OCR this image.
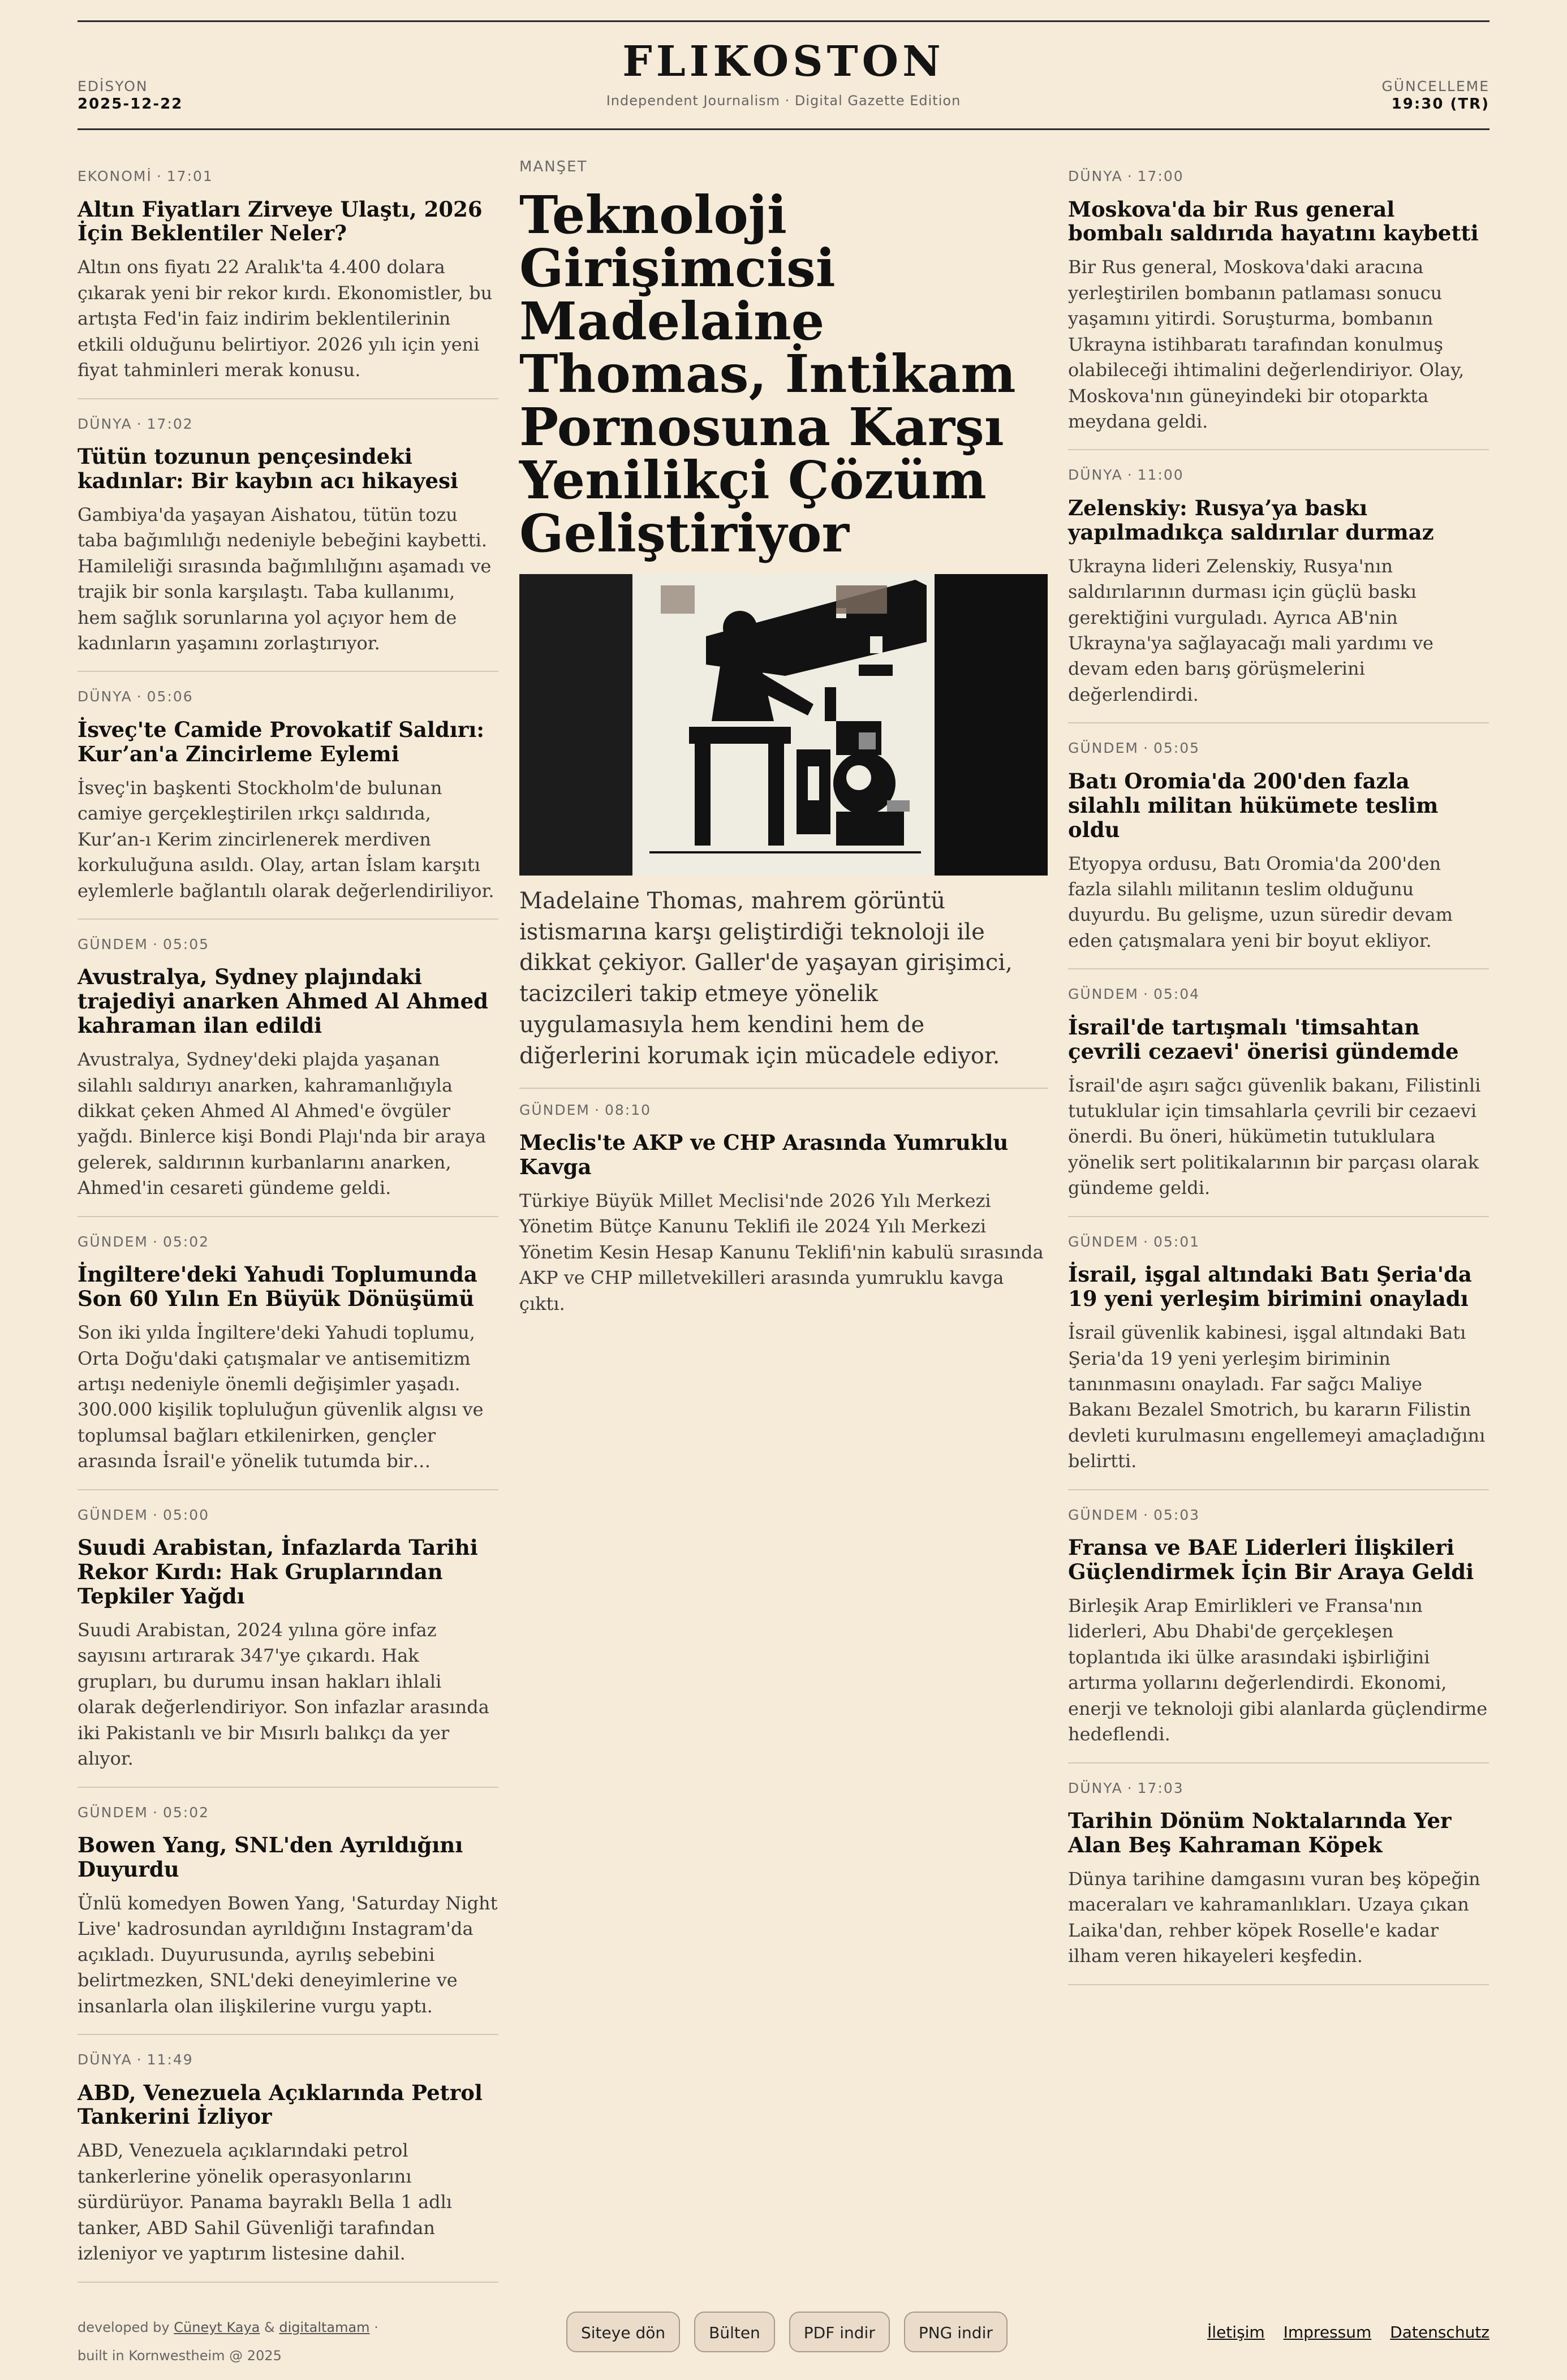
EDİSYON
2025-12-22
FLIKOSTON
Independent Journalism · Digital Gazette Edition
GÜNCELLEME
19:30 (TR)
EKONOMİ · 17:01
Altın Fiyatları Zirveye Ulaştı, 2026 İçin Beklentiler Neler?
Altın ons fiyatı 22 Aralık'ta 4.400 dolara çıkarak yeni bir rekor kırdı. Ekonomistler, bu artışta Fed'in faiz indirim beklentilerinin etkili olduğunu belirtiyor. 2026 yılı için yeni fiyat tahminleri merak konusu.
DÜNYA · 17:02
Tütün tozunun pençesindeki kadınlar: Bir kaybın acı hikayesi
Gambiya'da yaşayan Aishatou, tütün tozu taba bağımlılığı nedeniyle bebeğini kaybetti. Hamileliği sırasında bağımlılığını aşamadı ve trajik bir sonla karşılaştı. Taba kullanımı, hem sağlık sorunlarına yol açıyor hem de kadınların yaşamını zorlaştırıyor.
DÜNYA · 05:06
İsveç'te Camide Provokatif Saldırı: Kur’an'a Zincirleme Eylemi
İsveç'in başkenti Stockholm'de bulunan camiye gerçekleştirilen ırkçı saldırıda, Kur’an-ı Kerim zincirlenerek merdiven korkuluğuna asıldı. Olay, artan İslam karşıtı eylemlerle bağlantılı olarak değerlendiriliyor.
GÜNDEM · 05:05
Avustralya, Sydney plajındaki trajediyi anarken Ahmed Al Ahmed kahraman ilan edildi
Avustralya, Sydney'deki plajda yaşanan silahlı saldırıyı anarken, kahramanlığıyla dikkat çeken Ahmed Al Ahmed'e övgüler yağdı. Binlerce kişi Bondi Plajı'nda bir araya gelerek, saldırının kurbanlarını anarken, Ahmed'in cesareti gündeme geldi.
GÜNDEM · 05:02
İngiltere'deki Yahudi Toplumunda Son 60 Yılın En Büyük Dönüşümü
Son iki yılda İngiltere'deki Yahudi toplumu, Orta Doğu'daki çatışmalar ve antisemitizm artışı nedeniyle önemli değişimler yaşadı. 300.000 kişilik topluluğun güvenlik algısı ve toplumsal bağları etkilenirken, gençler arasında İsrail'e yönelik tutumda bir…
GÜNDEM · 05:00
Suudi Arabistan, İnfazlarda Tarihi Rekor Kırdı: Hak Gruplarından Tepkiler Yağdı
Suudi Arabistan, 2024 yılına göre infaz sayısını artırarak 347'ye çıkardı. Hak grupları, bu durumu insan hakları ihlali olarak değerlendiriyor. Son infazlar arasında iki Pakistanlı ve bir Mısırlı balıkçı da yer alıyor.
GÜNDEM · 05:02
Bowen Yang, SNL'den Ayrıldığını Duyurdu
Ünlü komedyen Bowen Yang, 'Saturday Night Live' kadrosundan ayrıldığını Instagram'da açıkladı. Duyurusunda, ayrılış sebebini belirtmezken, SNL'deki deneyimlerine ve insanlarla olan ilişkilerine vurgu yaptı.
DÜNYA · 11:49
ABD, Venezuela Açıklarında Petrol Tankerini İzliyor
ABD, Venezuela açıklarındaki petrol tankerlerine yönelik operasyonlarını sürdürüyor. Panama bayraklı Bella 1 adlı tanker, ABD Sahil Güvenliği tarafından izleniyor ve yaptırım listesine dahil.
MANŞET
Teknoloji Girişimcisi Madelaine Thomas, İntikam Pornosuna Karşı Yenilikçi Çözüm Geliştiriyor
Madelaine Thomas, mahrem görüntü istismarına karşı geliştirdiği teknoloji ile dikkat çekiyor. Galler'de yaşayan girişimci, tacizcileri takip etmeye yönelik uygulamasıyla hem kendini hem de diğerlerini korumak için mücadele ediyor.
GÜNDEM · 08:10
Meclis'te AKP ve CHP Arasında Yumruklu Kavga
Türkiye Büyük Millet Meclisi'nde 2026 Yılı Merkezi Yönetim Bütçe Kanunu Teklifi ile 2024 Yılı Merkezi Yönetim Kesin Hesap Kanunu Teklifi'nin kabulü sırasında AKP ve CHP milletvekilleri arasında yumruklu kavga çıktı.
DÜNYA · 17:00
Moskova'da bir Rus general bombalı saldırıda hayatını kaybetti
Bir Rus general, Moskova'daki aracına yerleştirilen bombanın patlaması sonucu yaşamını yitirdi. Soruşturma, bombanın Ukrayna istihbaratı tarafından konulmuş olabileceği ihtimalini değerlendiriyor. Olay, Moskova'nın güneyindeki bir otoparkta meydana geldi.
DÜNYA · 11:00
Zelenskiy: Rusya’ya baskı yapılmadıkça saldırılar durmaz
Ukrayna lideri Zelenskiy, Rusya'nın saldırılarının durması için güçlü baskı gerektiğini vurguladı. Ayrıca AB'nin Ukrayna'ya sağlayacağı mali yardımı ve devam eden barış görüşmelerini değerlendirdi.
GÜNDEM · 05:05
Batı Oromia'da 200'den fazla silahlı militan hükümete teslim oldu
Etyopya ordusu, Batı Oromia'da 200'den fazla silahlı militanın teslim olduğunu duyurdu. Bu gelişme, uzun süredir devam eden çatışmalara yeni bir boyut ekliyor.
GÜNDEM · 05:04
İsrail'de tartışmalı 'timsahtan çevrili cezaevi' önerisi gündemde
İsrail'de aşırı sağcı güvenlik bakanı, Filistinli tutuklular için timsahlarla çevrili bir cezaevi önerdi. Bu öneri, hükümetin tutuklulara yönelik sert politikalarının bir parçası olarak gündeme geldi.
GÜNDEM · 05:01
İsrail, işgal altındaki Batı Şeria'da 19 yeni yerleşim birimini onayladı
İsrail güvenlik kabinesi, işgal altındaki Batı Şeria'da 19 yeni yerleşim biriminin tanınmasını onayladı. Far sağcı Maliye Bakanı Bezalel Smotrich, bu kararın Filistin devleti kurulmasını engellemeyi amaçladığını belirtti.
GÜNDEM · 05:03
Fransa ve BAE Liderleri İlişkileri Güçlendirmek İçin Bir Araya Geldi
Birleşik Arap Emirlikleri ve Fransa'nın liderleri, Abu Dhabi'de gerçekleşen toplantıda iki ülke arasındaki işbirliğini artırma yollarını değerlendirdi. Ekonomi, enerji ve teknoloji gibi alanlarda güçlendirme hedeflendi.
DÜNYA · 17:03
Tarihin Dönüm Noktalarında Yer Alan Beş Kahraman Köpek
Dünya tarihine damgasını vuran beş köpeğin maceraları ve kahramanlıkları. Uzaya çıkan Laika'dan, rehber köpek Roselle'e kadar ilham veren hikayeleri keşfedin.
developed by Cüneyt Kaya & digitaltamam ·
built in Kornwestheim @ 2025
Siteye dön	Bülten	PDF indir	PNG indir	İletişim Impressum Datenschutz
